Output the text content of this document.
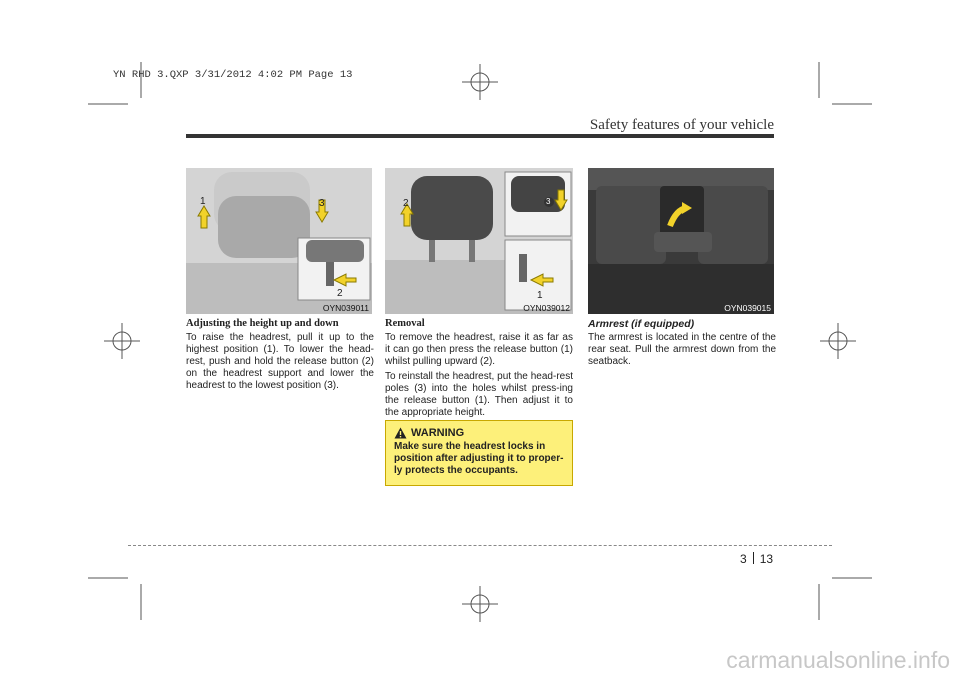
YN RHD 3.QXP 3/31/2012 4:02 PM Page 13
Safety features of your vehicle
1	3
2
OYN039011
2	3
1
OYN039012	OYN039015

Adjusting the height up and down

To raise the headrest, pull it up to the highest position (1). To lower the head-rest, push and hold the release button (2) on the headrest support and lower the headrest to the lowest position (3).

Removal

To remove the headrest, raise it as far as it can go then press the release button (1) whilst pulling upward (2).

To reinstall the headrest, put the head-rest poles (3) into the holes whilst press-ing the release button (1). Then adjust it to the appropriate height.

Armrest (if equipped)

The armrest is located in the centre of the rear seat. Pull the armrest down from the seatback.

WARNING
Make sure the headrest locks in position after adjusting it to proper-ly protects the occupants.
3 13
carmanualsonline.info
